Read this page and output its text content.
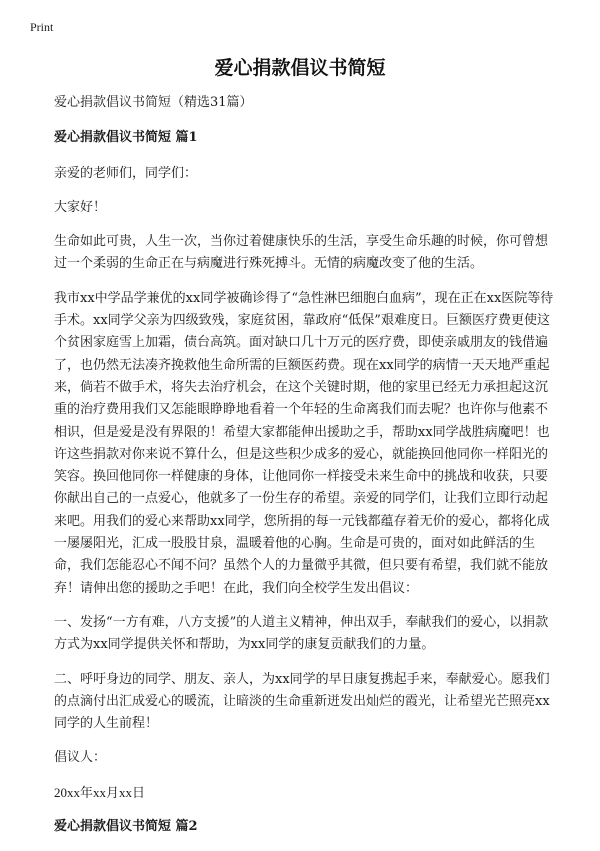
Print
爱心捐款倡议书简短

爱心捐款倡议书简短（精选31篇）

爱心捐款倡议书简短 篇1

亲爱的老师们，同学们：

大家好！

生命如此可贵，人生一次，当你过着健康快乐的生活，享受生命乐趣的时候，你可曾想过一个柔弱的生命正在与病魔进行殊死搏斗。无情的病魔改变了他的生活。

我市xx中学品学兼优的xx同学被确诊得了“急性淋巴细胞白血病”，现在正在xx医院等待手术。xx同学父亲为四级致残，家庭贫困，靠政府“低保”艰难度日。巨额医疗费更使这个贫困家庭雪上加霜，债台高筑。面对缺口几十万元的医疗费，即使亲戚朋友的钱借遍了，也仍然无法凑齐挽救他生命所需的巨额医药费。现在xx同学的病情一天天地严重起来，倘若不做手术，将失去治疗机会，在这个关键时期，他的家里已经无力承担起这沉重的治疗费用我们又怎能眼睁睁地看着一个年轻的生命离我们而去呢？也许你与他素不相识，但是爱是没有界限的！希望大家都能伸出援助之手，帮助xx同学战胜病魔吧！也许这些捐款对你来说不算什么，但是这些积少成多的爱心，就能换回他同你一样阳光的笑容。换回他同你一样健康的身体，让他同你一样接受未来生命中的挑战和收获，只要你献出自己的一点爱心，他就多了一份生存的希望。亲爱的同学们，让我们立即行动起来吧。用我们的爱心来帮助xx同学，您所捐的每一元钱都蕴存着无价的爱心，都将化成一屡屡阳光，汇成一股股甘泉，温暖着他的心胸。生命是可贵的，面对如此鲜活的生命，我们怎能忍心不闻不问？虽然个人的力量微乎其微，但只要有希望，我们就不能放弃！请伸出您的援助之手吧！在此，我们向全校学生发出倡议：

一、发扬“一方有难，八方支援”的人道主义精神，伸出双手，奉献我们的爱心，以捐款方式为xx同学提供关怀和帮助，为xx同学的康复贡献我们的力量。

二、呼吁身边的同学、朋友、亲人，为xx同学的早日康复携起手来，奉献爱心。愿我们的点滴付出汇成爱心的暖流，让暗淡的生命重新迸发出灿烂的霞光，让希望光芒照亮xx同学的人生前程！

倡议人：

20xx年xx月xx日

爱心捐款倡议书简短 篇2
